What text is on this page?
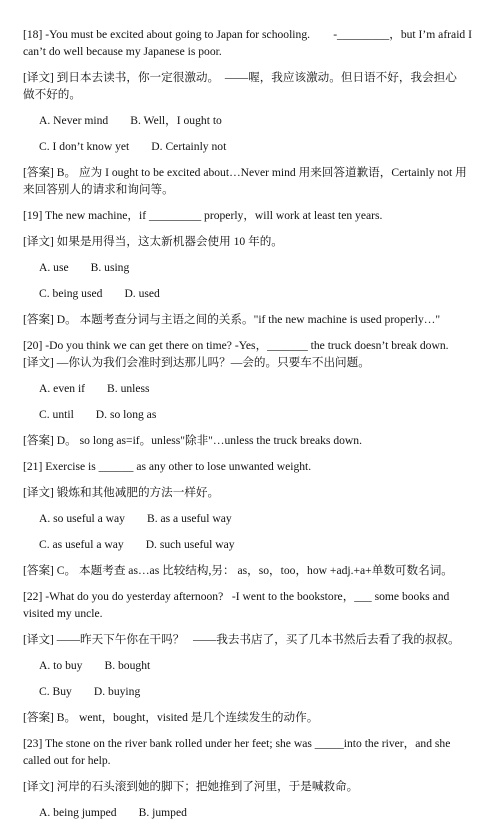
[18] -You must be excited about going to Japan for schooling.        -_________，but I’m afraid I
can’t do well because my Japanese is poor.
[译文] 到日本去读书，你一定很激动。  ——喔，我应该激动。但日语不好，我会担心
做不好的。
A. Never mind B. Well，I ought to
C. I don’t know yet D. Certainly not
[答案] B。 应为 I ought to be excited about…Never mind 用来回答道歉语，Certainly not 用
来回答别人的请求和询问等。
[19] The new machine，if _________ properly，will work at least ten years.
[译文] 如果是用得当，这太新机器会使用 10 年的。
A. use B. using
C. being used D. used
[答案] D。 本题考查分词与主语之间的关系。"if the new machine is used properly…"
[20] -Do you think we can get there on time? -Yes，_______ the truck doesn’t break down.
[译文] —你认为我们会准时到达那儿吗？—会的。只要车不出问题。
A. even if B. unless
C. until D. so long as
[答案] D。 so long as=if。unless"除非"…unless the truck breaks down.
[21] Exercise is ______ as any other to lose unwanted weight.
[译文] 锻炼和其他减肥的方法一样好。
A. so useful a way B. as a useful way
C. as useful a way D. such useful way
[答案] C。 本题考查 as…as 比较结构,另： as，so，too，how +adj.+a+单数可数名词。
[22] -What do you do yesterday afternoon?   -I went to the bookstore，___ some books and
visited my uncle.
[译文] ——昨天下午你在干吗？   ——我去书店了，买了几本书然后去看了我的叔叔。
A. to buy B. bought
C. Buy D. buying
[答案] B。 went，bought，visited 是几个连续发生的动作。
[23] The stone on the river bank rolled under her feet; she was _____into the river，and she
called out for help.
[译文] 河岸的石头滚到她的脚下；把她推到了河里，于是喊救命。
A. being jumped B. jumped
